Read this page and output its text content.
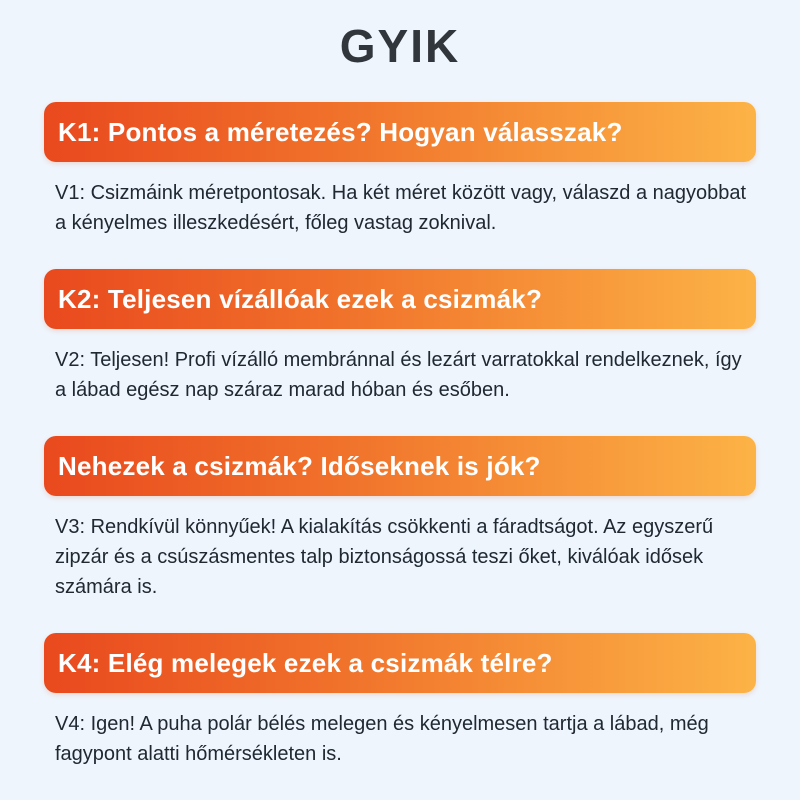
GYIK
K1: Pontos a méretezés? Hogyan válasszak?

V1: Csizmáink méretpontosak. Ha két méret között vagy, válaszd a nagyobbat a kényelmes illeszkedésért, főleg vastag zoknival.

K2: Teljesen vízállóak ezek a csizmák?

V2: Teljesen! Profi vízálló membránnal és lezárt varratokkal rendelkeznek, így a lábad egész nap száraz marad hóban és esőben.

Nehezek a csizmák? Időseknek is jók?

V3: Rendkívül könnyűek! A kialakítás csökkenti a fáradtságot. Az egyszerű zipzár és a csúszásmentes talp biztonságossá teszi őket, kiválóak idősek számára is.

K4: Elég melegek ezek a csizmák télre?

V4: Igen! A puha polár bélés melegen és kényelmesen tartja a lábad, még fagypont alatti hőmérsékleten is.
